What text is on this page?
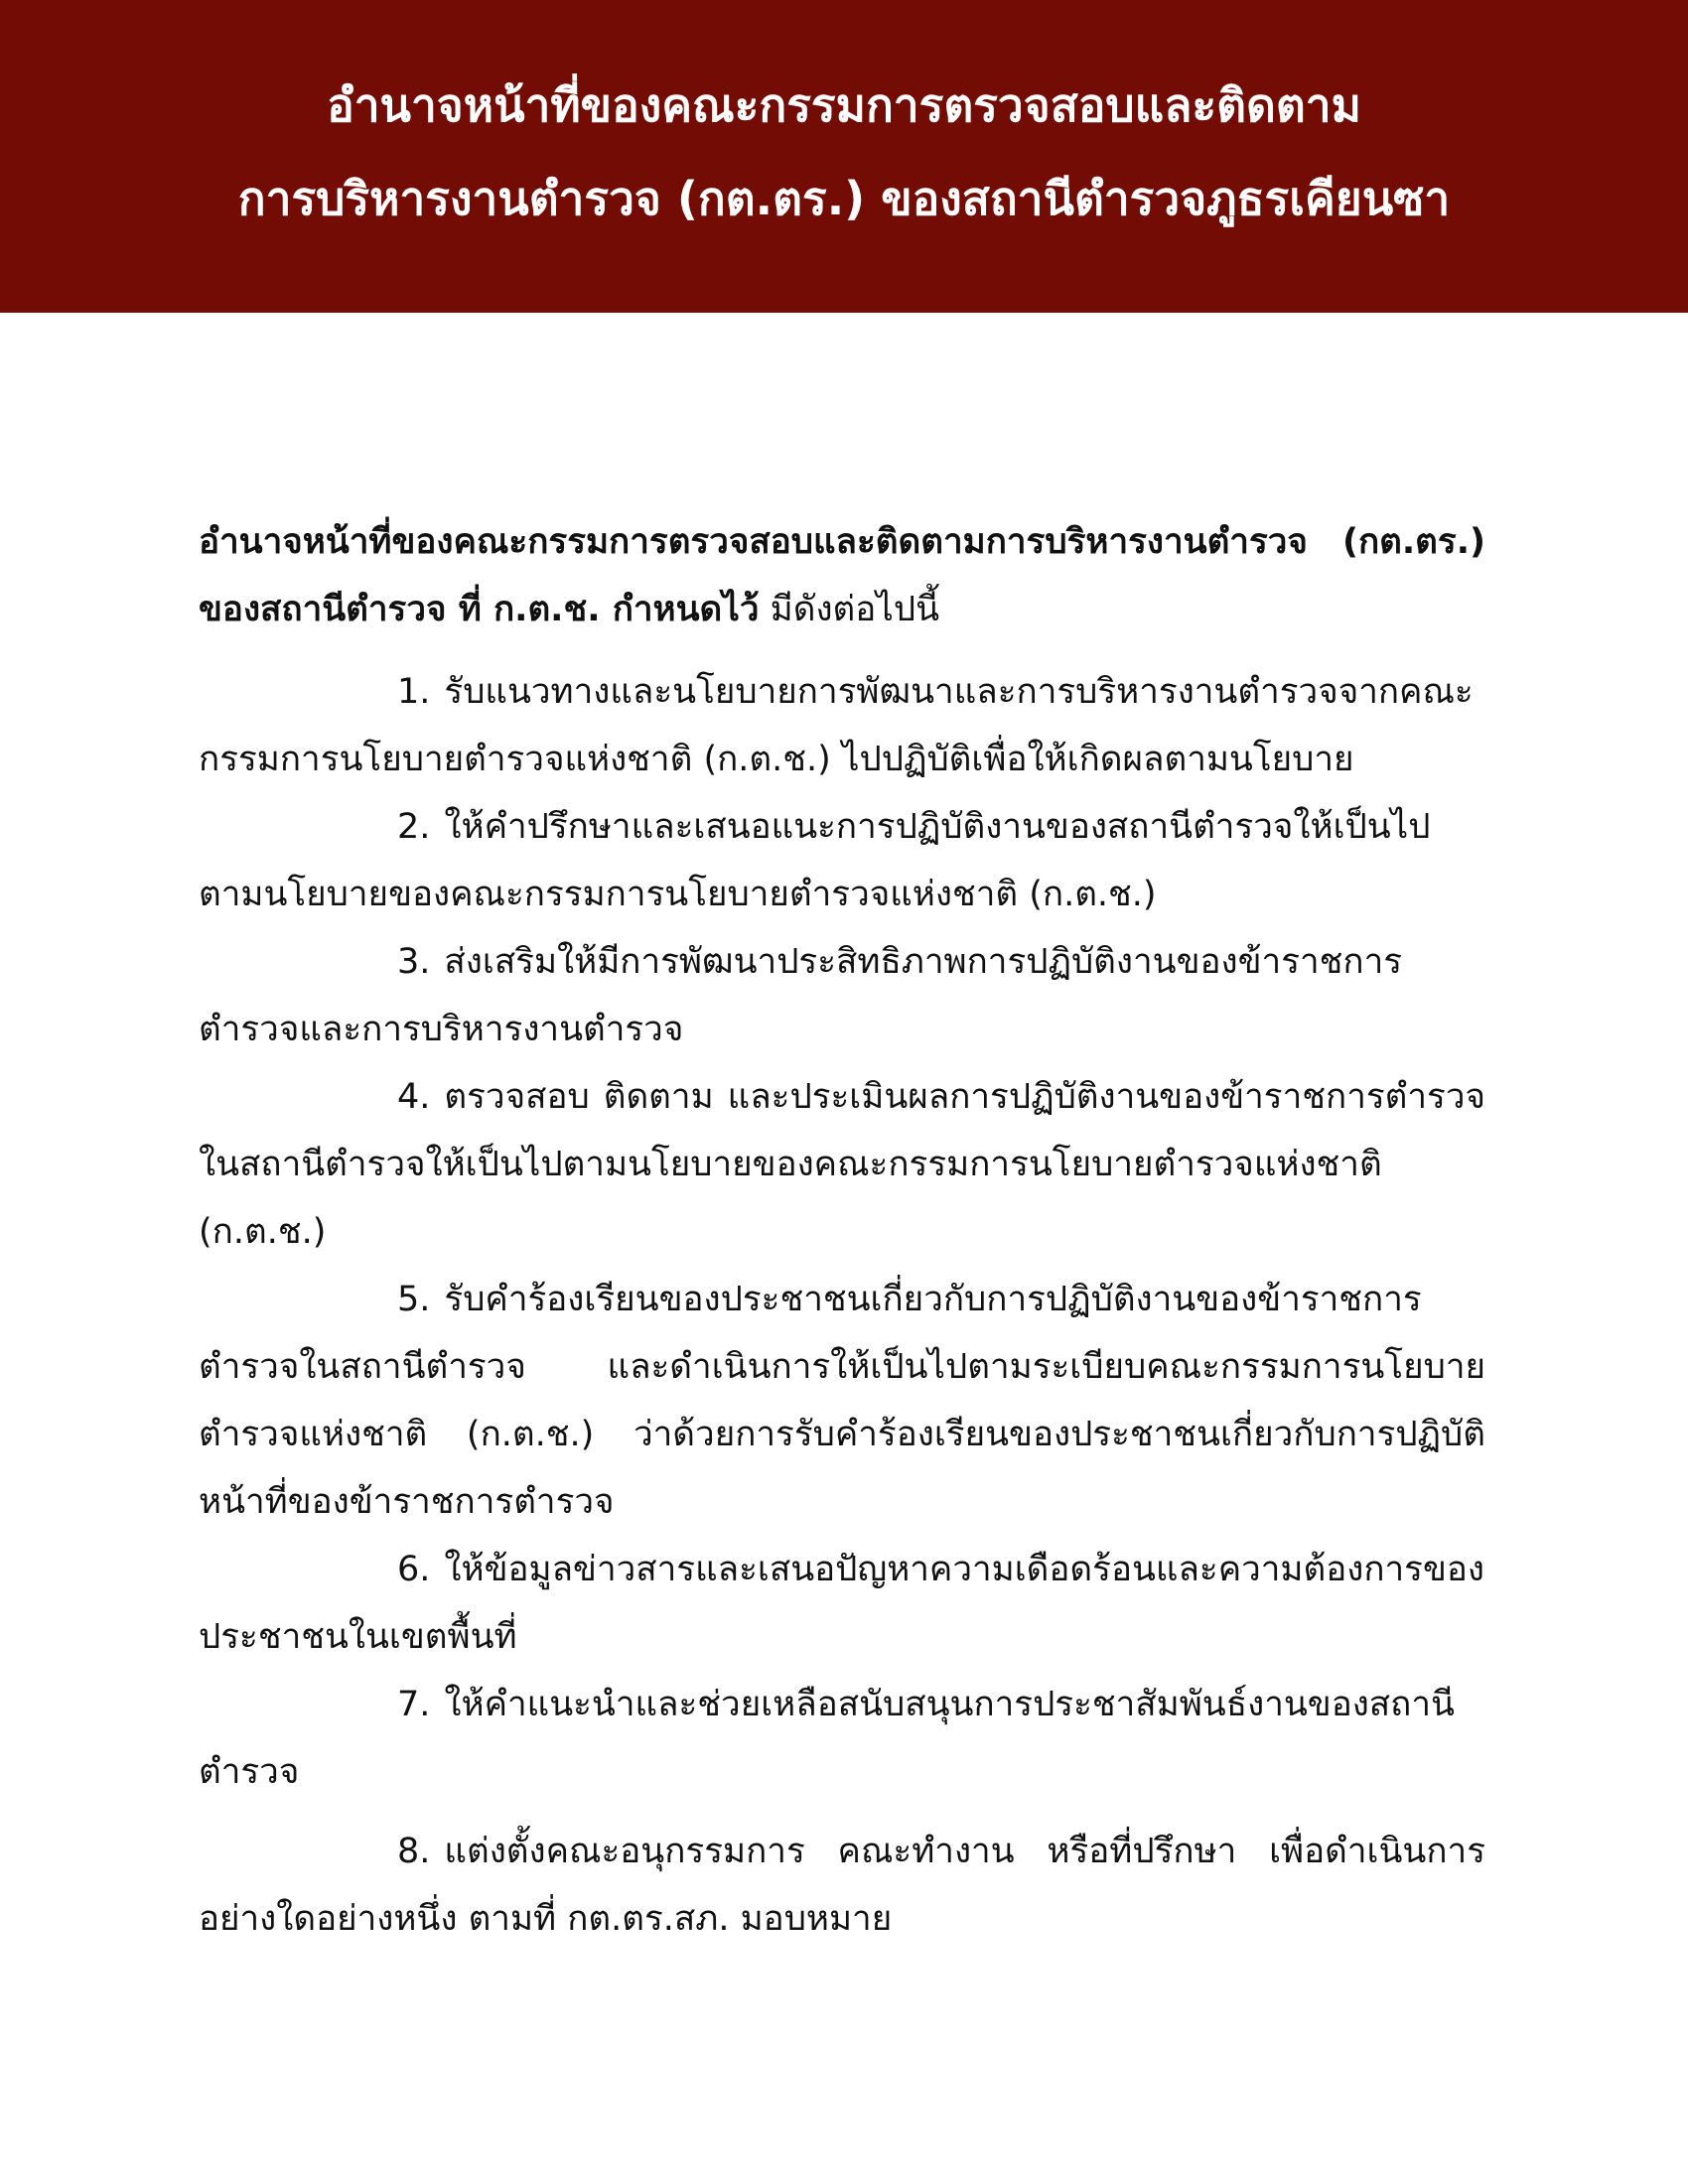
อำนาจหน้าที่ของคณะกรรมการตรวจสอบและติดตาม
การบริหารงานตำรวจ (กต.ตร.) ของสถานีตำรวจภูธรเคียนซา

อำนาจหน้าที่ของคณะกรรมการตรวจสอบและติดตามการบริหารงานตำรวจ (กต.ตร.) ของสถานีตำรวจ ที่ ก.ต.ช. กำหนดไว้ มีดังต่อไปนี้

1. รับแนวทางและนโยบายการพัฒนาและการบริหารงานตำรวจจากคณะกรรมการนโยบายตำรวจแห่งชาติ (ก.ต.ช.) ไปปฏิบัติเพื่อให้เกิดผลตามนโยบาย

2. ให้คำปรึกษาและเสนอแนะการปฏิบัติงานของสถานีตำรวจให้เป็นไปตามนโยบายของคณะกรรมการนโยบายตำรวจแห่งชาติ (ก.ต.ช.)

3. ส่งเสริมให้มีการพัฒนาประสิทธิภาพการปฏิบัติงานของข้าราชการตำรวจและการบริหารงานตำรวจ

4. ตรวจสอบ ติดตาม และประเมินผลการปฏิบัติงานของข้าราชการตำรวจในสถานีตำรวจให้เป็นไปตามนโยบายของคณะกรรมการนโยบายตำรวจแห่งชาติ (ก.ต.ช.)

5. รับคำร้องเรียนของประชาชนเกี่ยวกับการปฏิบัติงานของข้าราชการตำรวจในสถานีตำรวจ และดำเนินการให้เป็นไปตามระเบียบคณะกรรมการนโยบายตำรวจแห่งชาติ (ก.ต.ช.) ว่าด้วยการรับคำร้องเรียนของประชาชนเกี่ยวกับการปฏิบัติหน้าที่ของข้าราชการตำรวจ

6. ให้ข้อมูลข่าวสารและเสนอปัญหาความเดือดร้อนและความต้องการของประชาชนในเขตพื้นที่

7. ให้คำแนะนำและช่วยเหลือสนับสนุนการประชาสัมพันธ์งานของสถานีตำรวจ

8. แต่งตั้งคณะอนุกรรมการ คณะทำงาน หรือที่ปรึกษา เพื่อดำเนินการอย่างใดอย่างหนึ่ง ตามที่ กต.ตร.สภ. มอบหมาย
